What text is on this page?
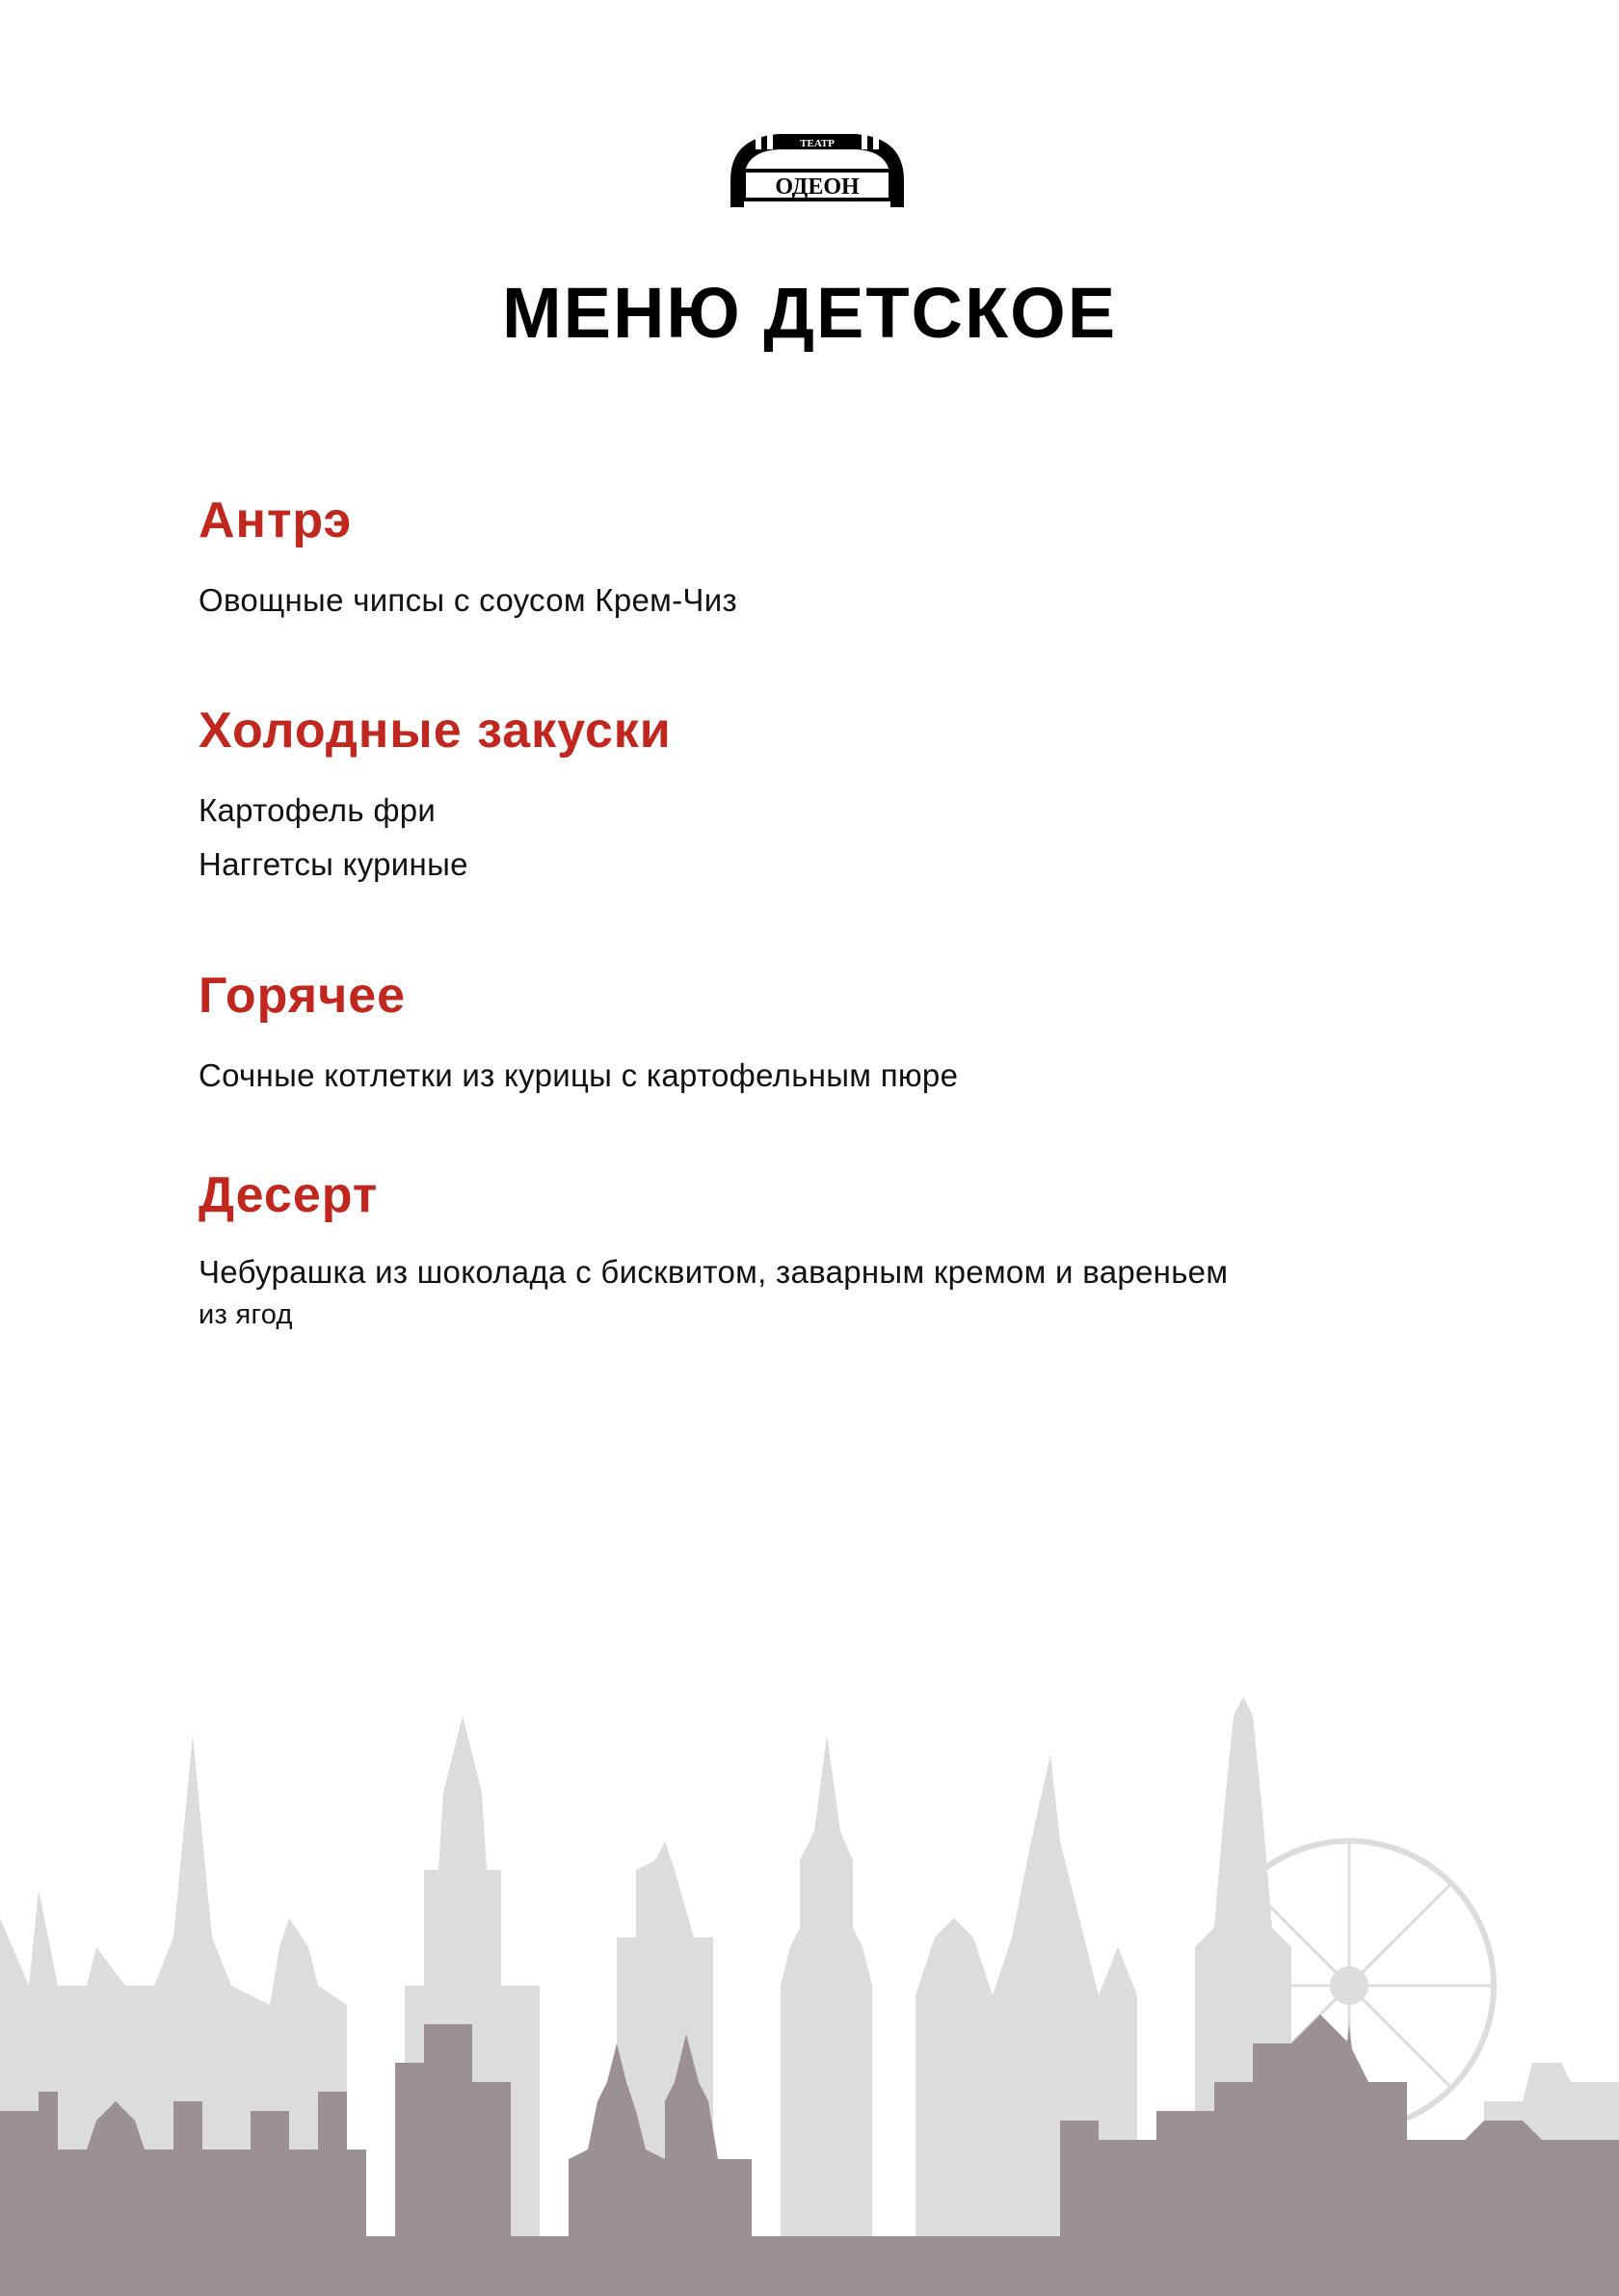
ТЕАТР
ОДЕОН
МЕНЮ ДЕТСКОЕ
Антрэ
Овощные чипсы с соусом Крем-Чиз
Холодные закуски
Картофель фри
Наггетсы куриные
Горячее
Сочные котлетки из курицы с картофельным пюре
Десерт
Чебурашка из шоколада с бисквитом, заварным кремом и вареньем
из ягод
